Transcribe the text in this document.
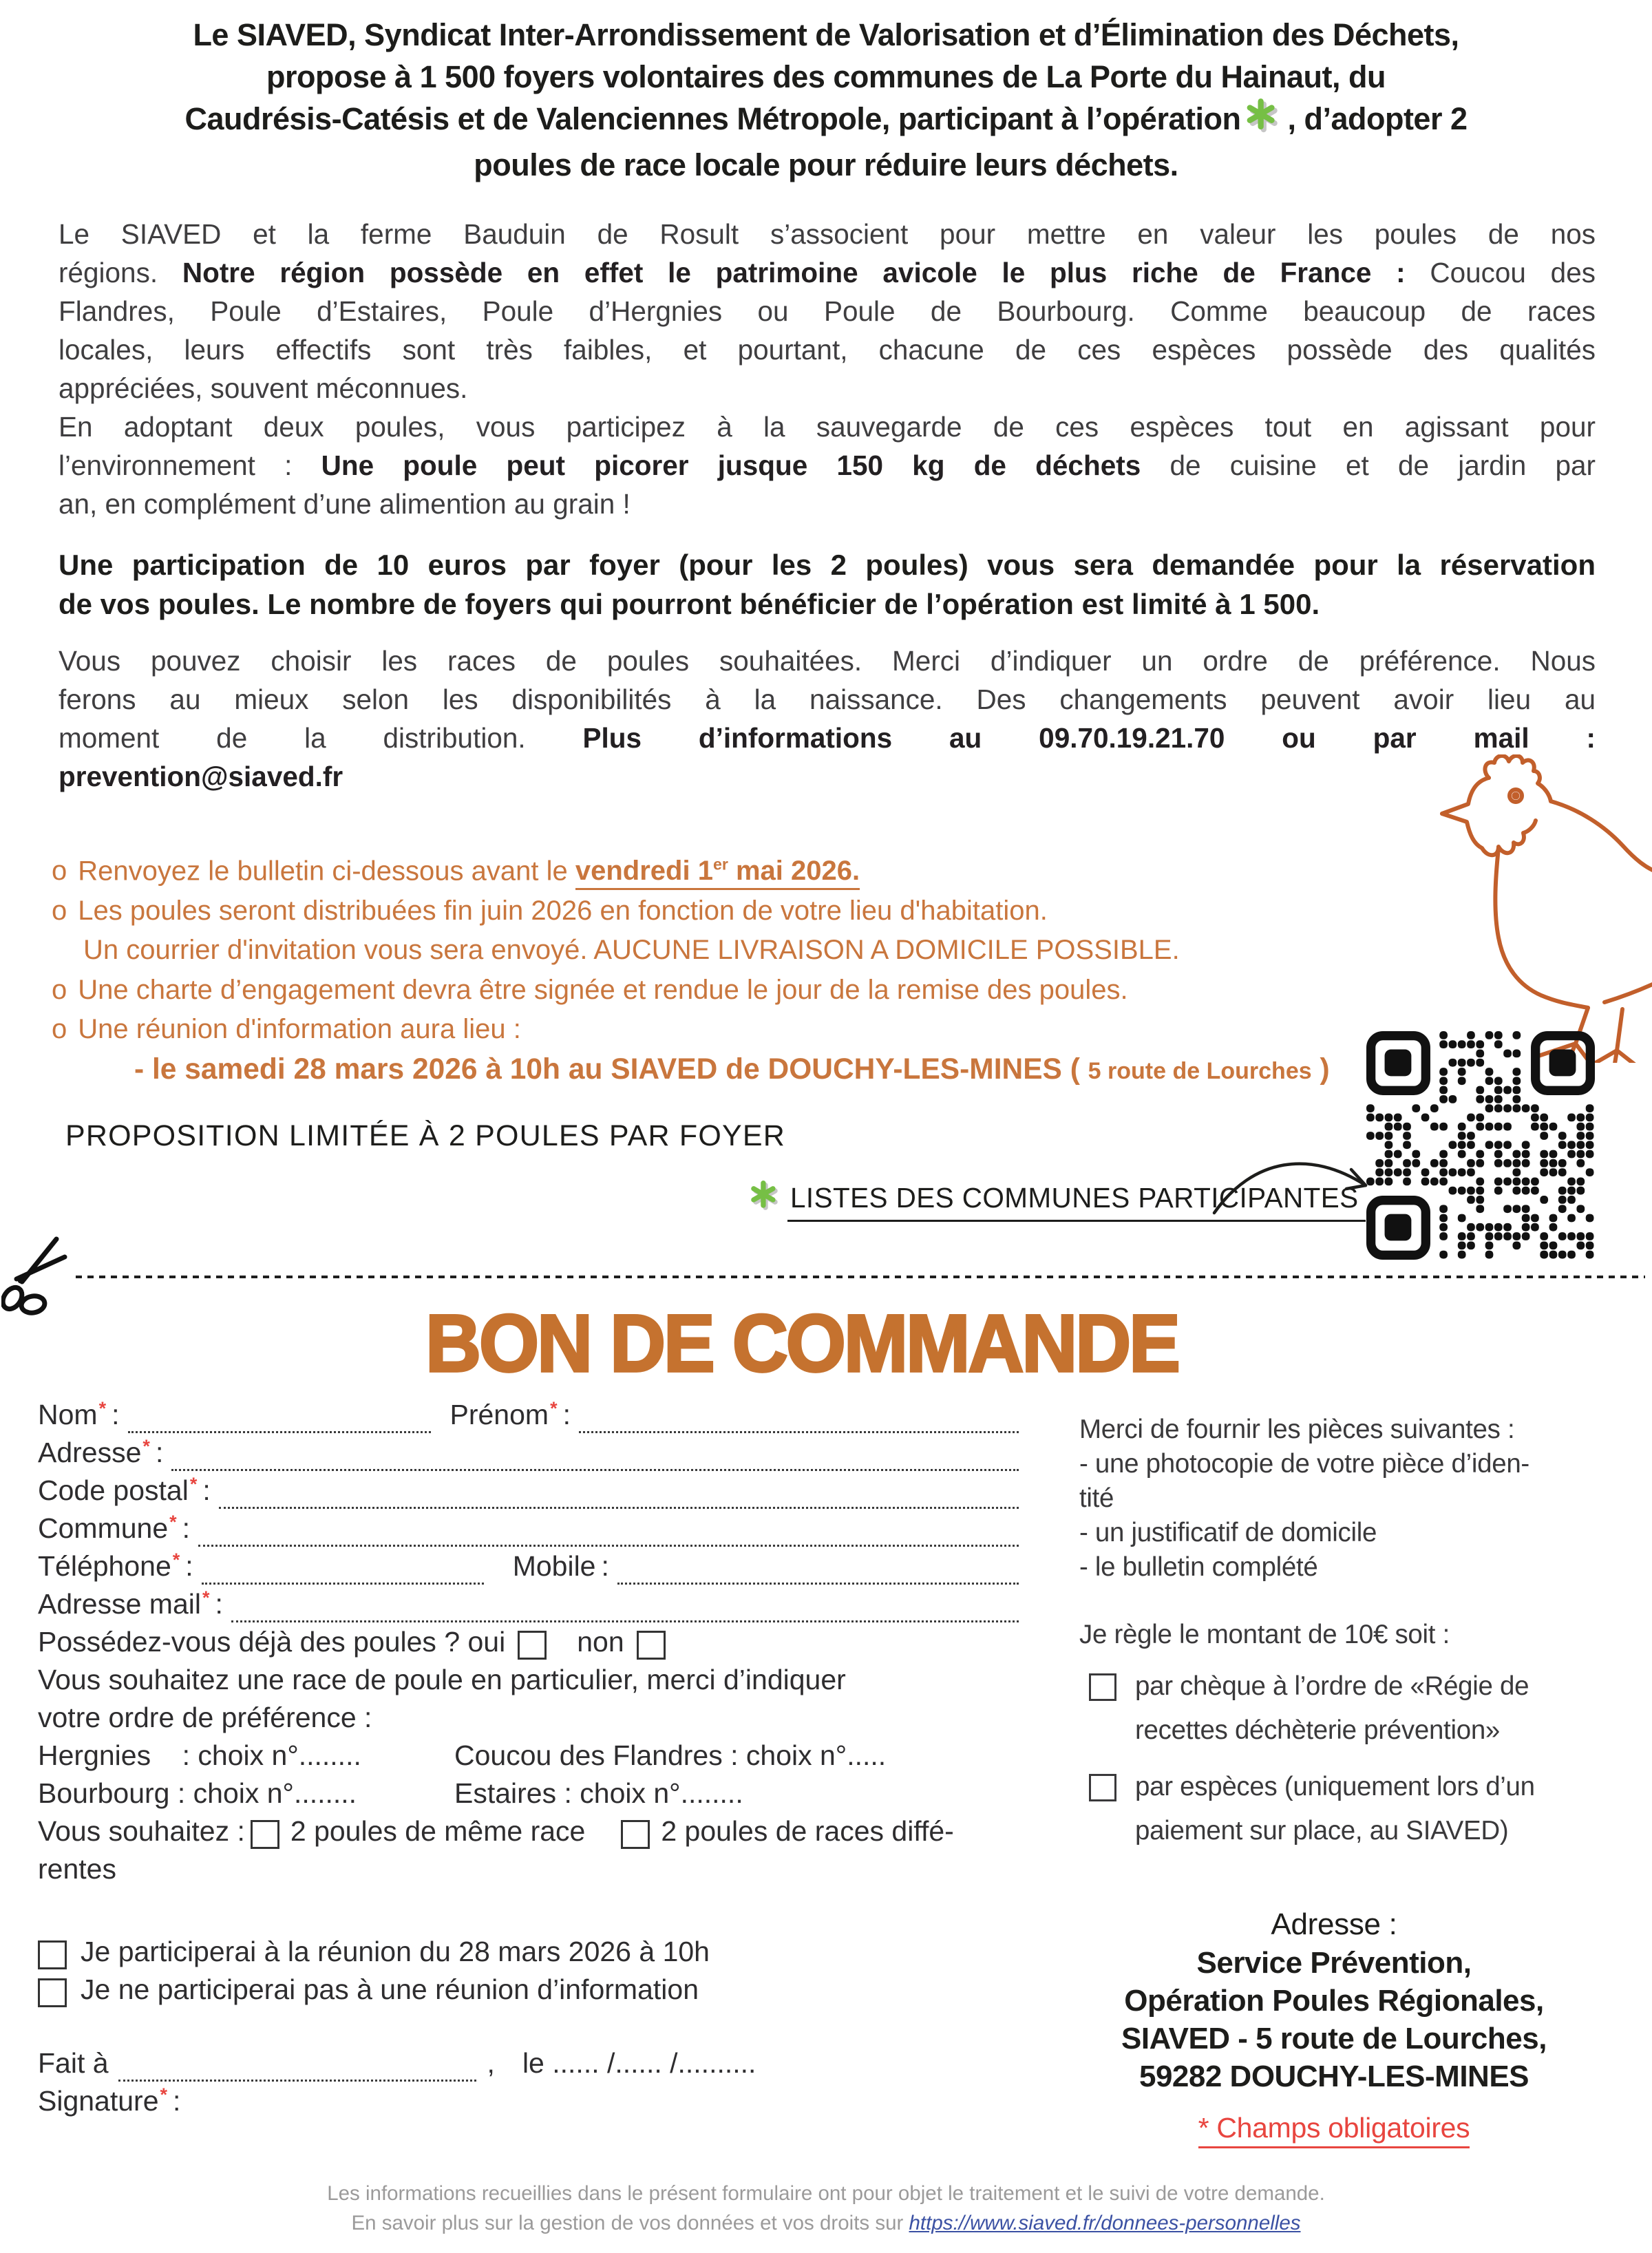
Le SIAVED, Syndicat Inter-Arrondissement de Valorisation et d’Élimination des Déchets,
propose à 1 500 foyers volontaires des communes de La Porte du Hainaut, du
Caudrésis-Catésis et de Valenciennes Métropole, participant à l’opération , d’adopter 2
poules de race locale pour réduire leurs déchets.
Le SIAVED et la ferme Bauduin de Rosult s’associent pour mettre en valeur les poules de nos
régions. Notre région possède en effet le patrimoine avicole le plus riche de France : Coucou des
Flandres, Poule d’Estaires, Poule d’Hergnies ou Poule de Bourbourg. Comme beaucoup de races
locales, leurs effectifs sont très faibles, et pourtant, chacune de ces espèces possède des qualités
appréciées, souvent méconnues.
En adoptant deux poules, vous participez à la sauvegarde de ces espèces tout en agissant pour
l’environnement : Une poule peut picorer jusque 150 kg de déchets de cuisine et de jardin par
an, en complément d’une alimention au grain !
Une participation de 10 euros par foyer (pour les 2 poules) vous sera demandée pour la réservation
de vos poules. Le nombre de foyers qui pourront bénéficier de l’opération est limité à 1 500.
Vous pouvez choisir les races de poules souhaitées. Merci d’indiquer un ordre de préférence. Nous
ferons au mieux selon les disponibilités à la naissance. Des changements peuvent avoir lieu au
moment de la distribution. Plus d’informations au 09.70.19.21.70 ou par mail :
prevention@siaved.fr
o Renvoyez le bulletin ci-dessous avant le vendredi 1er mai 2026.
o Les poules seront distribuées fin juin 2026 en fonction de votre lieu d'habitation.
Un courrier d'invitation vous sera envoyé. AUCUNE LIVRAISON A DOMICILE POSSIBLE.
o Une charte d’engagement devra être signée et rendue le jour de la remise des poules.
o Une réunion d'information aura lieu :
- le samedi 28 mars 2026 à 10h au SIAVED de DOUCHY-LES-MINES ( 5 route de Lourches )
PROPOSITION LIMITÉE À 2 POULES PAR FOYER
LISTES DES COMMUNES PARTICIPANTES
BON DE COMMANDE
Nom * :
	Prénom * :

Adresse * :

Code postal * :

Commune * :

Téléphone * :
	Mobile :

Adresse mail * :

Possédez-vous déjà des poules ? oui	non
Vous souhaitez une race de poule en particulier, merci d’indiquer
votre ordre de préférence :
Hergnies    : choix n°........	Coucou des Flandres : choix n°.....
Bourbourg : choix n°........	Estaires : choix n°........
Vous souhaitez : 2 poules de même race	2 poules de races diffé-
rentes
Je participerai à la réunion du 28 mars 2026 à 10h
Je ne participerai pas à une réunion d’information
Fait à
	, le ...... /...... /..........
Signature * :
Merci de fournir les pièces suivantes :
- une photocopie de votre pièce d’iden-
tité
- un justificatif de domicile
- le bulletin complété
Je règle le montant de 10€ soit :
par chèque à l’ordre de «Régie de
recettes déchèterie prévention»
par espèces (uniquement lors d’un
paiement sur place, au SIAVED)
Adresse :
Service Prévention,
Opération Poules Régionales,
SIAVED - 5 route de Lourches,
59282 DOUCHY-LES-MINES
* Champs obligatoires
Les informations recueillies dans le présent formulaire ont pour objet le traitement et le suivi de votre demande.
En savoir plus sur la gestion de vos données et vos droits sur https://www.siaved.fr/donnees-personnelles
